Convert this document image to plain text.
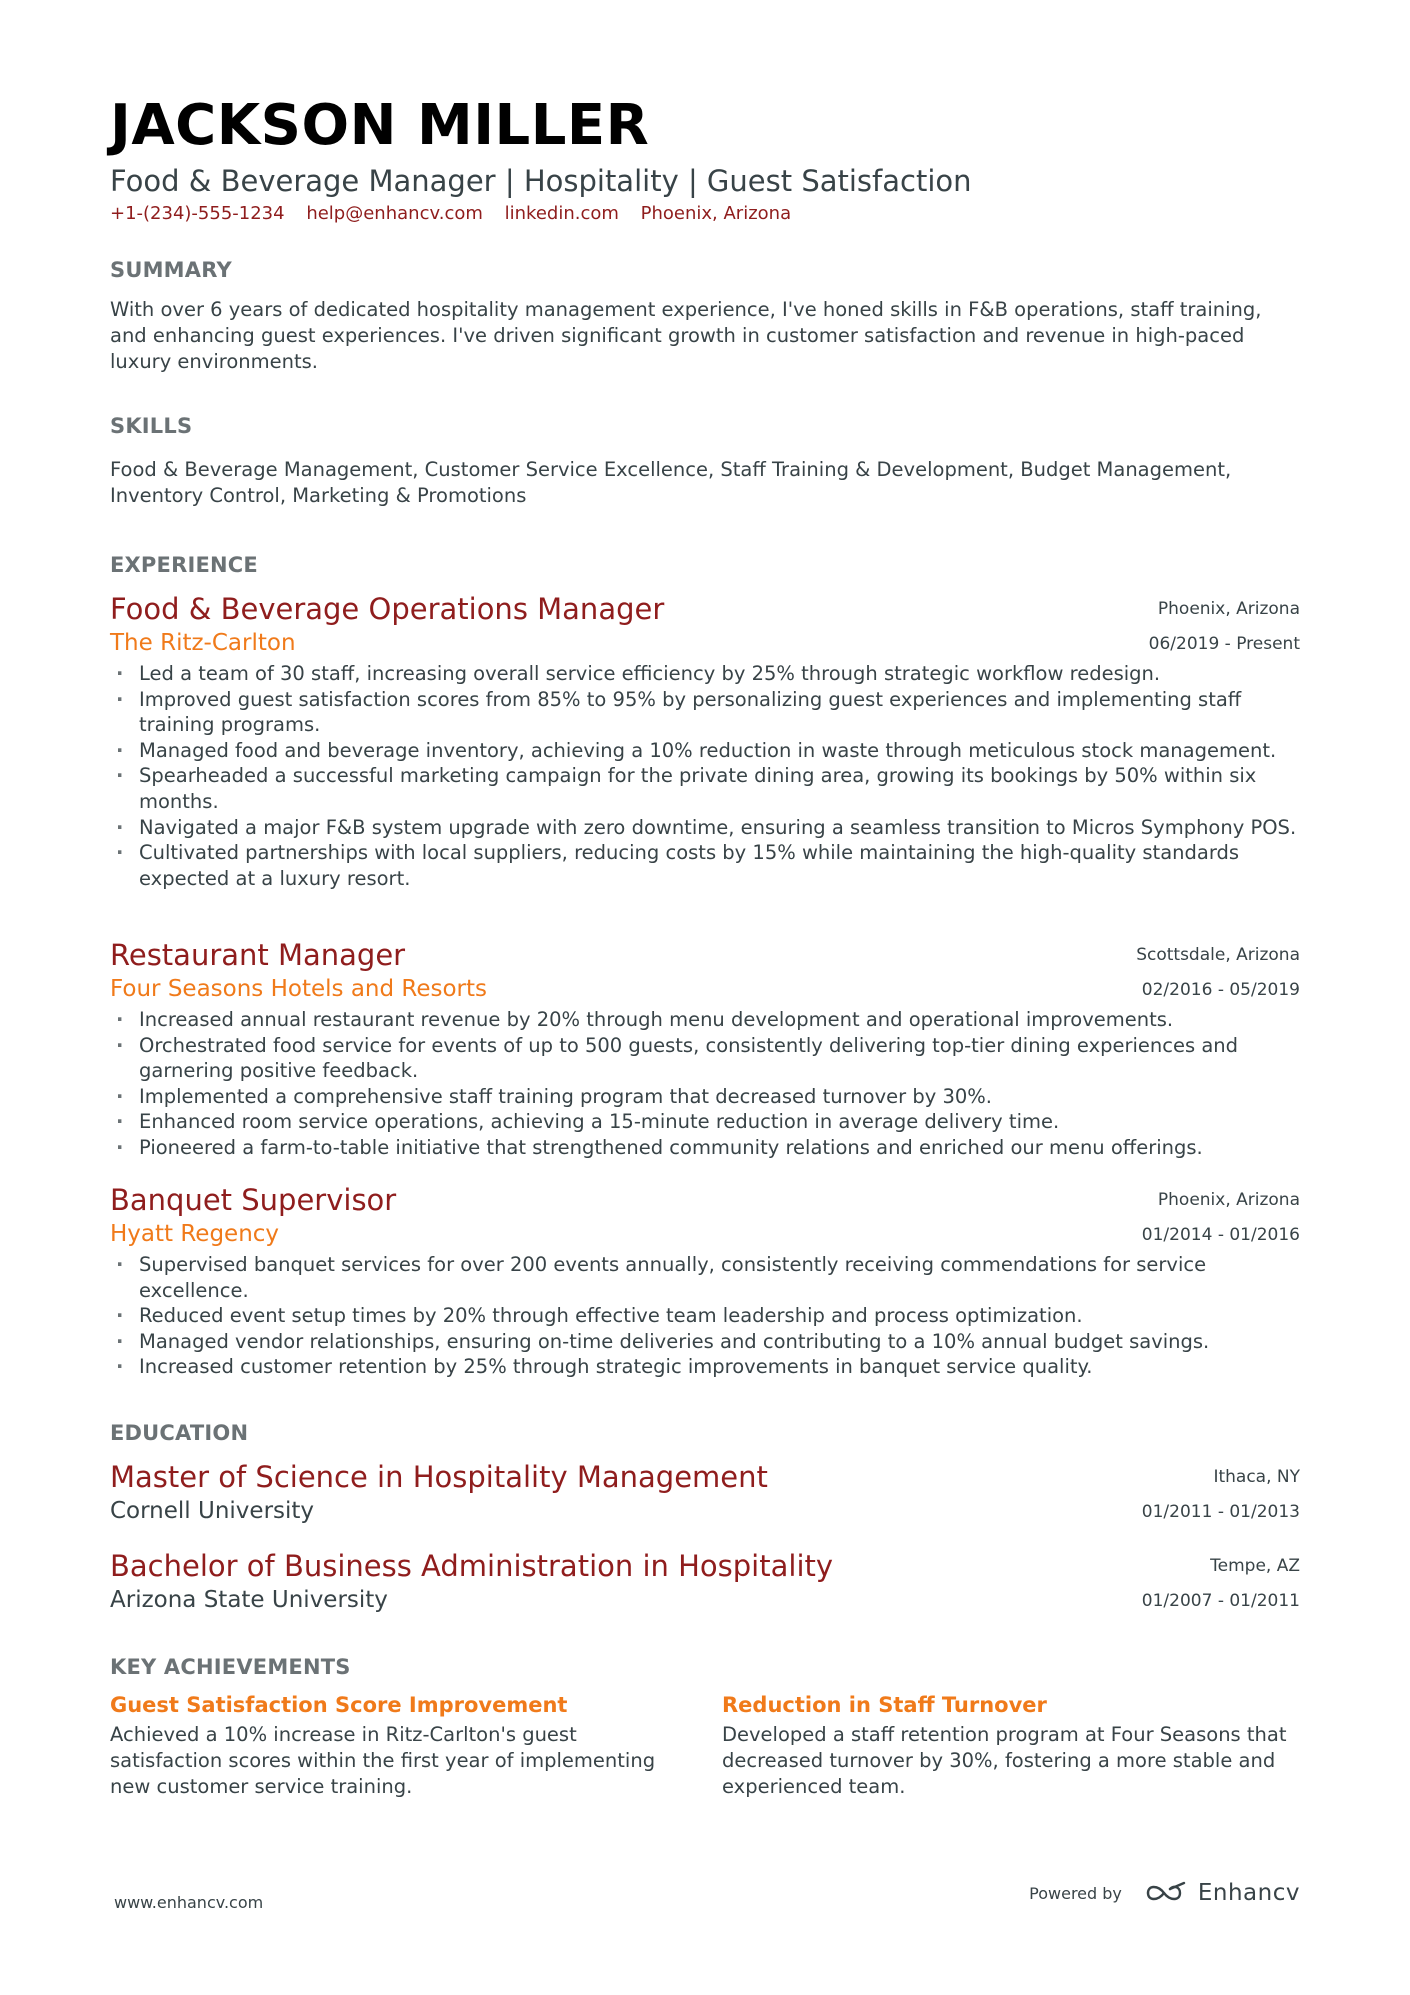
JACKSON MILLER
Food & Beverage Manager | Hospitality | Guest Satisfaction
+1-(234)-555-1234 help@enhancv.com linkedin.com Phoenix, Arizona
SUMMARY
With over 6 years of dedicated hospitality management experience, I've honed skills in F&B operations, staff training, and enhancing guest experiences. I've driven significant growth in customer satisfaction and revenue in high-paced luxury environments.
SKILLS
Food & Beverage Management, Customer Service Excellence, Staff Training & Development, Budget Management, Inventory Control, Marketing & Promotions
EXPERIENCE
Food & Beverage Operations Manager
The Ritz-Carlton
Phoenix, Arizona
06/2019 - Present
· Led a team of 30 staff, increasing overall service efficiency by 25% through strategic workflow redesign.
· Improved guest satisfaction scores from 85% to 95% by personalizing guest experiences and implementing staff training programs.
· Managed food and beverage inventory, achieving a 10% reduction in waste through meticulous stock management.
· Spearheaded a successful marketing campaign for the private dining area, growing its bookings by 50% within six months.
· Navigated a major F&B system upgrade with zero downtime, ensuring a seamless transition to Micros Symphony POS.
· Cultivated partnerships with local suppliers, reducing costs by 15% while maintaining the high-quality standards expected at a luxury resort.
Restaurant Manager
Four Seasons Hotels and Resorts
Scottsdale, Arizona
02/2016 - 05/2019
· Increased annual restaurant revenue by 20% through menu development and operational improvements.
· Orchestrated food service for events of up to 500 guests, consistently delivering top-tier dining experiences and garnering positive feedback.
· Implemented a comprehensive staff training program that decreased turnover by 30%.
· Enhanced room service operations, achieving a 15-minute reduction in average delivery time.
· Pioneered a farm-to-table initiative that strengthened community relations and enriched our menu offerings.
Banquet Supervisor
Hyatt Regency
Phoenix, Arizona
01/2014 - 01/2016
· Supervised banquet services for over 200 events annually, consistently receiving commendations for service excellence.
· Reduced event setup times by 20% through effective team leadership and process optimization.
· Managed vendor relationships, ensuring on-time deliveries and contributing to a 10% annual budget savings.
· Increased customer retention by 25% through strategic improvements in banquet service quality.
EDUCATION
Master of Science in Hospitality Management
Cornell University
Ithaca, NY
01/2011 - 01/2013
Bachelor of Business Administration in Hospitality
Arizona State University
Tempe, AZ
01/2007 - 01/2011
KEY ACHIEVEMENTS
Guest Satisfaction Score Improvement
Achieved a 10% increase in Ritz-Carlton's guest satisfaction scores within the first year of implementing new customer service training.
Reduction in Staff Turnover
Developed a staff retention program at Four Seasons that decreased turnover by 30%, fostering a more stable and experienced team.
www.enhancv.com	Powered by	Enhancv
